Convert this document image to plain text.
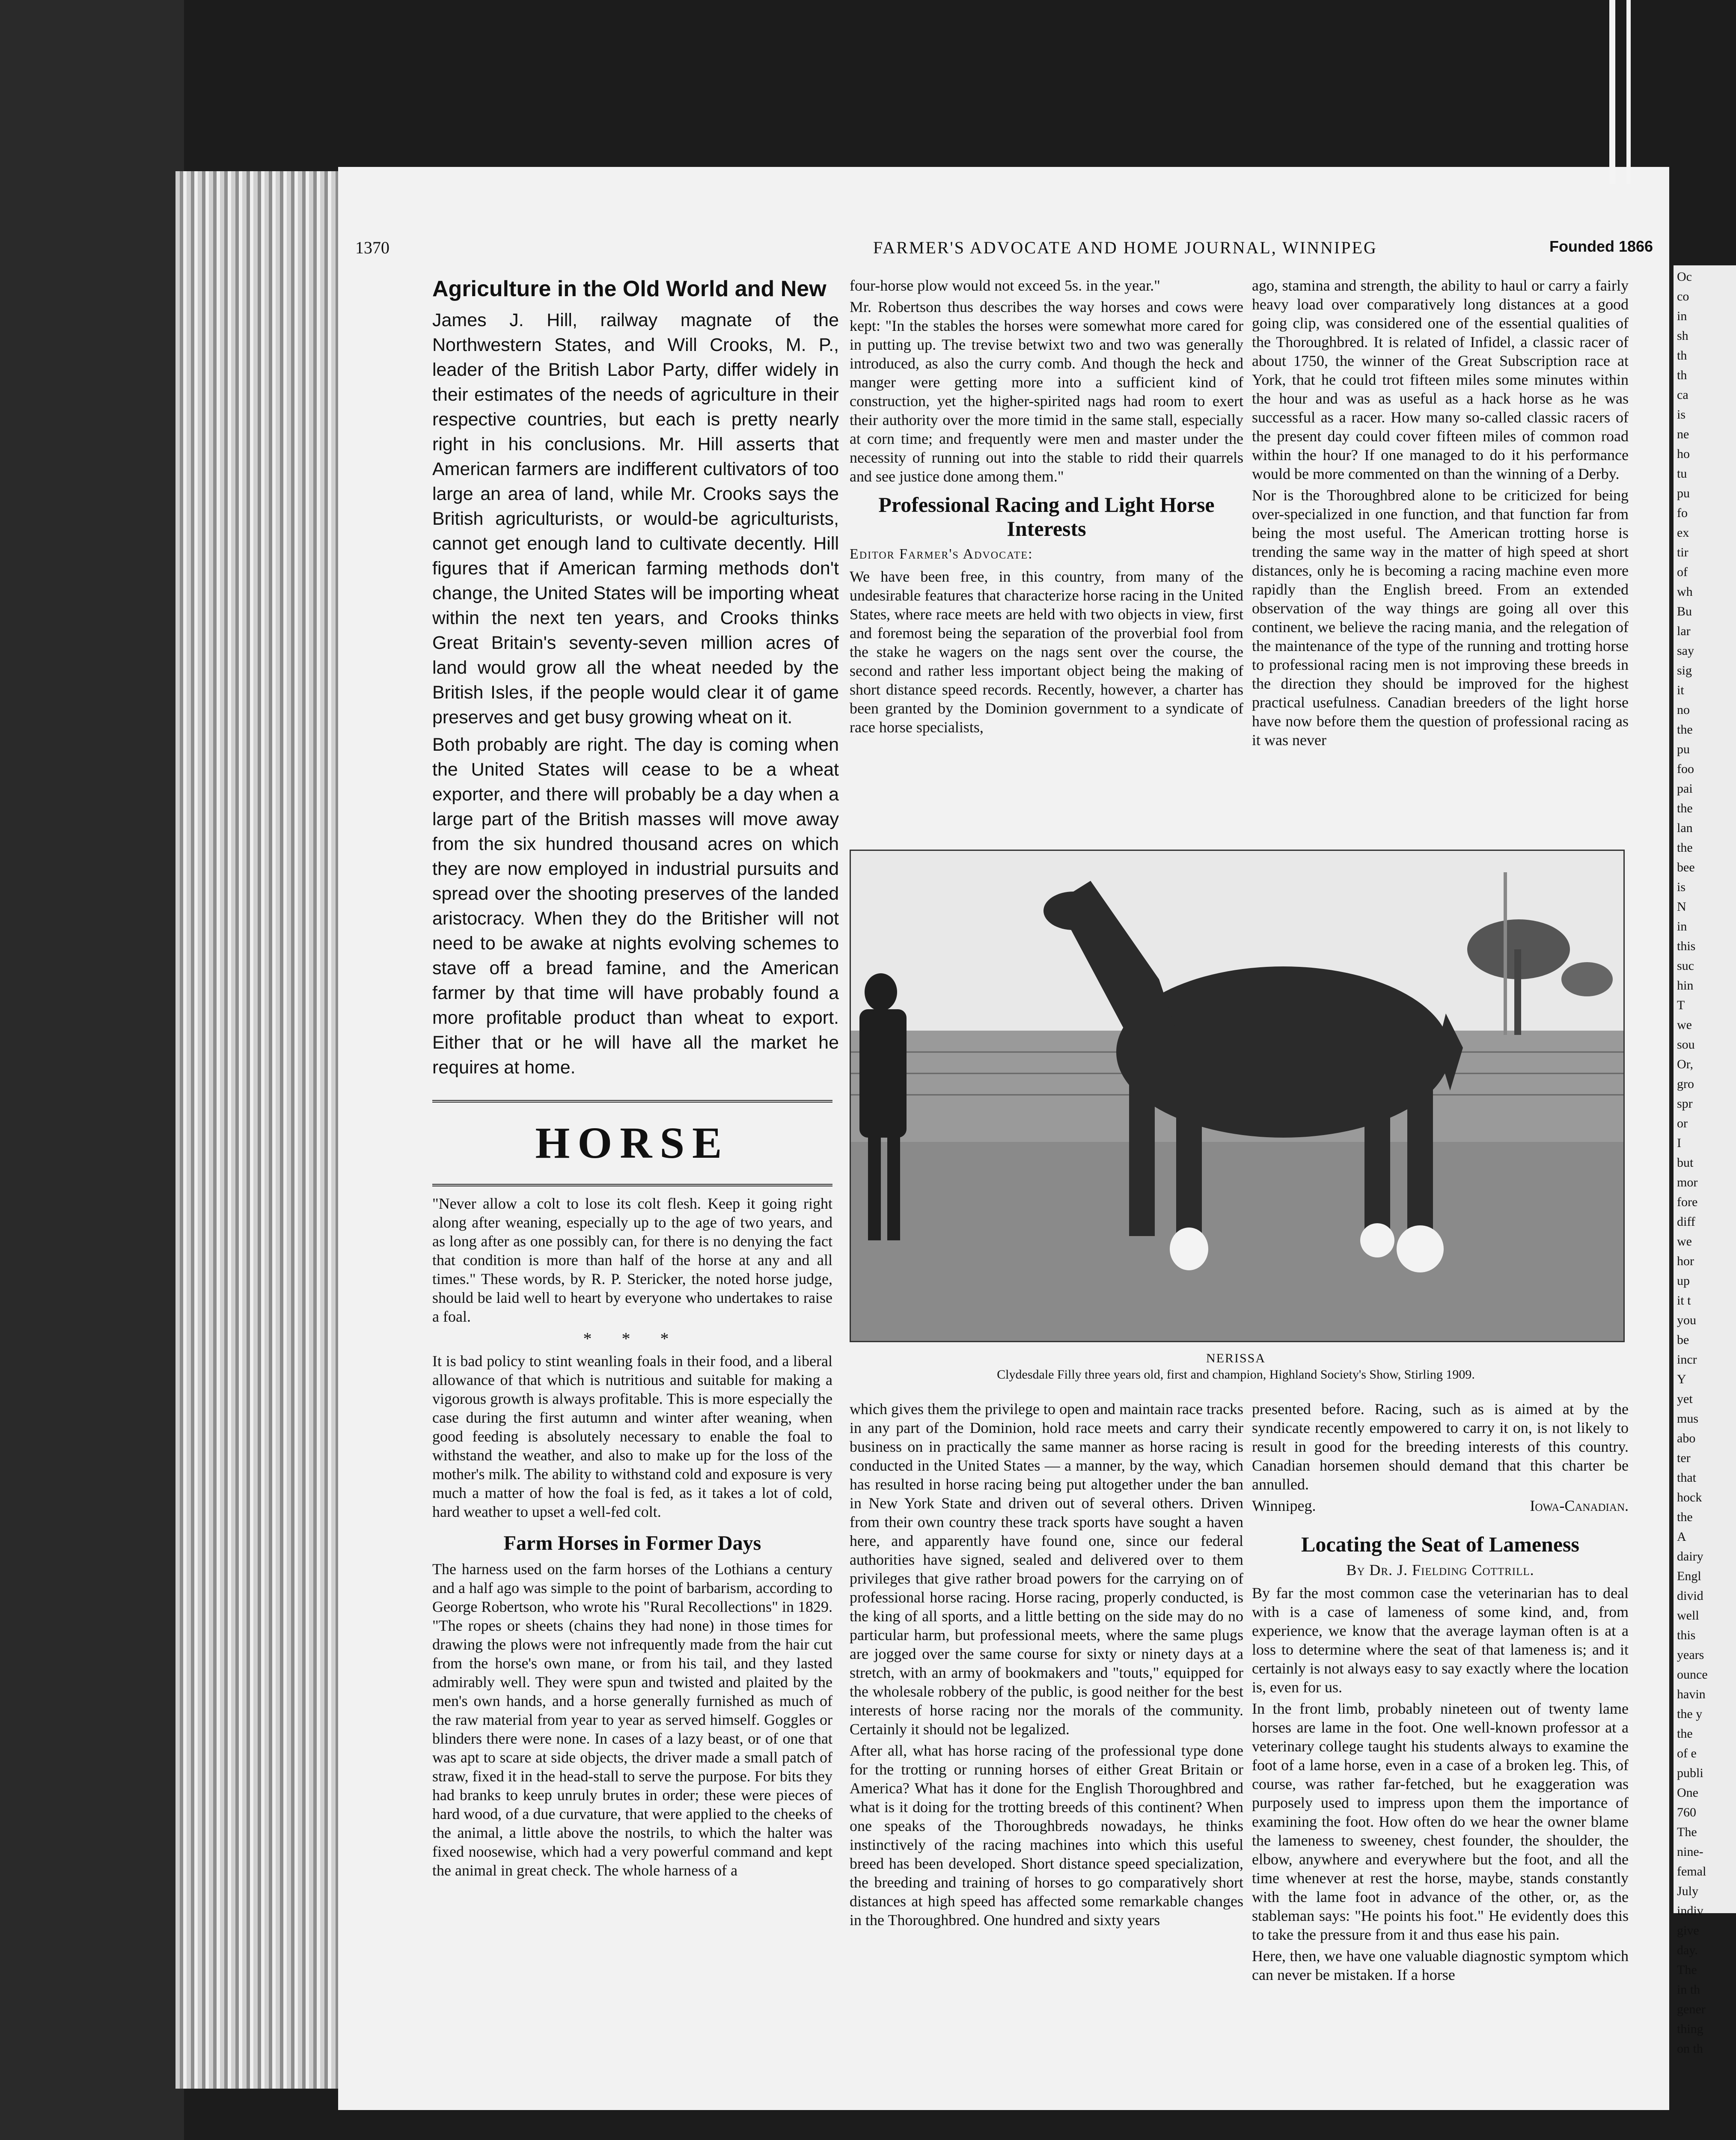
Oc
co
in
sh
th
th
ca
is
ne
ho
tu
pu
fo
ex
tir
of
wh
Bu
lar
say
sig
it
no
the
pu
foo
pai
the
lan
the
bee
is
N
in
this
suc
hin
T
we
sou
Or,
gro
spr
or
I
but
mor
fore
diff
we
hor
up
it t
you
be
incr
Y
yet
mus
abo
ter
that
hock
the
A
dairy
Engl
divid
well
this
years
ounce
havin
the y
the
of e
publi
One
760
The
nine-
femal
July
indiv
give
day.
The
in th
gener
thing
on th
1370	FARMER'S ADVOCATE AND HOME JOURNAL, WINNIPEG	Founded 1866
Agriculture in the Old World and New

James J. Hill, railway magnate of the Northwestern States, and Will Crooks, M. P., leader of the British Labor Party, differ widely in their estimates of the needs of agriculture in their respective countries, but each is pretty nearly right in his conclusions. Mr. Hill asserts that American farmers are indifferent cultivators of too large an area of land, while Mr. Crooks says the British agriculturists, or would-be agriculturists, cannot get enough land to cultivate decently. Hill figures that if American farming methods don't change, the United States will be importing wheat within the next ten years, and Crooks thinks Great Britain's seventy-seven million acres of land would grow all the wheat needed by the British Isles, if the people would clear it of game preserves and get busy growing wheat on it.

Both probably are right. The day is coming when the United States will cease to be a wheat exporter, and there will probably be a day when a large part of the British masses will move away from the six hundred thousand acres on which they are now employed in industrial pursuits and spread over the shooting preserves of the landed aristocracy. When they do the Britisher will not need to be awake at nights evolving schemes to stave off a bread famine, and the American farmer by that time will have probably found a more profitable product than wheat to export. Either that or he will have all the market he requires at home.

HORSE

"Never allow a colt to lose its colt flesh. Keep it going right along after weaning, especially up to the age of two years, and as long after as one possibly can, for there is no denying the fact that condition is more than half of the horse at any and all times." These words, by R. P. Stericker, the noted horse judge, should be laid well to heart by everyone who undertakes to raise a foal.

* * *

It is bad policy to stint weanling foals in their food, and a liberal allowance of that which is nutritious and suitable for making a vigorous growth is always profitable. This is more especially the case during the first autumn and winter after weaning, when good feeding is absolutely necessary to enable the foal to withstand the weather, and also to make up for the loss of the mother's milk. The ability to withstand cold and exposure is very much a matter of how the foal is fed, as it takes a lot of cold, hard weather to upset a well-fed colt.

Farm Horses in Former Days

The harness used on the farm horses of the Lothians a century and a half ago was simple to the point of barbarism, according to George Robertson, who wrote his "Rural Recollections" in 1829. "The ropes or sheets (chains they had none) in those times for drawing the plows were not infrequently made from the hair cut from the horse's own mane, or from his tail, and they lasted admirably well. They were spun and twisted and plaited by the men's own hands, and a horse generally furnished as much of the raw material from year to year as served himself. Goggles or blinders there were none. In cases of a lazy beast, or of one that was apt to scare at side objects, the driver made a small patch of straw, fixed it in the head-stall to serve the purpose. For bits they had branks to keep unruly brutes in order; these were pieces of hard wood, of a due curvature, that were applied to the cheeks of the animal, a little above the nostrils, to which the halter was fixed noosewise, which had a very powerful command and kept the animal in great check. The whole harness of a

four-horse plow would not exceed 5s. in the year."

Mr. Robertson thus describes the way horses and cows were kept: "In the stables the horses were somewhat more cared for in putting up. The trevise betwixt two and two was generally introduced, as also the curry comb. And though the heck and manger were getting more into a sufficient kind of construction, yet the higher-spirited nags had room to exert their authority over the more timid in the same stall, especially at corn time; and frequently were men and master under the necessity of running out into the stable to ridd their quarrels and see justice done among them."

Professional Racing and Light Horse Interests
Editor Farmer's Advocate:

We have been free, in this country, from many of the undesirable features that characterize horse racing in the United States, where race meets are held with two objects in view, first and foremost being the separation of the proverbial fool from the stake he wagers on the nags sent over the course, the second and rather less important object being the making of short distance speed records. Recently, however, a charter has been granted by the Dominion government to a syndicate of race horse specialists,

ago, stamina and strength, the ability to haul or carry a fairly heavy load over comparatively long distances at a good going clip, was considered one of the essential qualities of the Thoroughbred. It is related of Infidel, a classic racer of about 1750, the winner of the Great Subscription race at York, that he could trot fifteen miles some minutes within the hour and was as useful as a hack horse as he was successful as a racer. How many so-called classic racers of the present day could cover fifteen miles of common road within the hour? If one managed to do it his performance would be more commented on than the winning of a Derby.

Nor is the Thoroughbred alone to be criticized for being over-specialized in one function, and that function far from being the most useful. The American trotting horse is trending the same way in the matter of high speed at short distances, only he is becoming a racing machine even more rapidly than the English breed. From an extended observation of the way things are going all over this continent, we believe the racing mania, and the relegation of the maintenance of the type of the running and trotting horse to professional racing men is not improving these breeds in the direction they should be improved for the highest practical usefulness. Canadian breeders of the light horse have now before them the question of professional racing as it was never

NERISSA
Clydesdale Filly three years old, first and champion, Highland Society's Show, Stirling 1909.

which gives them the privilege to open and maintain race tracks in any part of the Dominion, hold race meets and carry their business on in practically the same manner as horse racing is conducted in the United States — a manner, by the way, which has resulted in horse racing being put altogether under the ban in New York State and driven out of several others. Driven from their own country these track sports have sought a haven here, and apparently have found one, since our federal authorities have signed, sealed and delivered over to them privileges that give rather broad powers for the carrying on of professional horse racing. Horse racing, properly conducted, is the king of all sports, and a little betting on the side may do no particular harm, but professional meets, where the same plugs are jogged over the same course for sixty or ninety days at a stretch, with an army of bookmakers and "touts," equipped for the wholesale robbery of the public, is good neither for the best interests of horse racing nor the morals of the community. Certainly it should not be legalized.

After all, what has horse racing of the professional type done for the trotting or running horses of either Great Britain or America? What has it done for the English Thoroughbred and what is it doing for the trotting breeds of this continent? When one speaks of the Thoroughbreds nowadays, he thinks instinctively of the racing machines into which this useful breed has been developed. Short distance speed specialization, the breeding and training of horses to go comparatively short distances at high speed has affected some remarkable changes in the Thoroughbred. One hundred and sixty years

presented before. Racing, such as is aimed at by the syndicate recently empowered to carry it on, is not likely to result in good for the breeding interests of this country. Canadian horsemen should demand that this charter be annulled.

Winnipeg.	Iowa-Canadian.
Locating the Seat of Lameness
By Dr. J. Fielding Cottrill.

By far the most common case the veterinarian has to deal with is a case of lameness of some kind, and, from experience, we know that the average layman often is at a loss to determine where the seat of that lameness is; and it certainly is not always easy to say exactly where the location is, even for us.

In the front limb, probably nineteen out of twenty lame horses are lame in the foot. One well-known professor at a veterinary college taught his students always to examine the foot of a lame horse, even in a case of a broken leg. This, of course, was rather far-fetched, but he exaggeration was purposely used to impress upon them the importance of examining the foot. How often do we hear the owner blame the lameness to sweeney, chest founder, the shoulder, the elbow, anywhere and everywhere but the foot, and all the time whenever at rest the horse, maybe, stands constantly with the lame foot in advance of the other, or, as the stableman says: "He points his foot." He evidently does this to take the pressure from it and thus ease his pain.

Here, then, we have one valuable diagnostic symptom which can never be mistaken. If a horse
